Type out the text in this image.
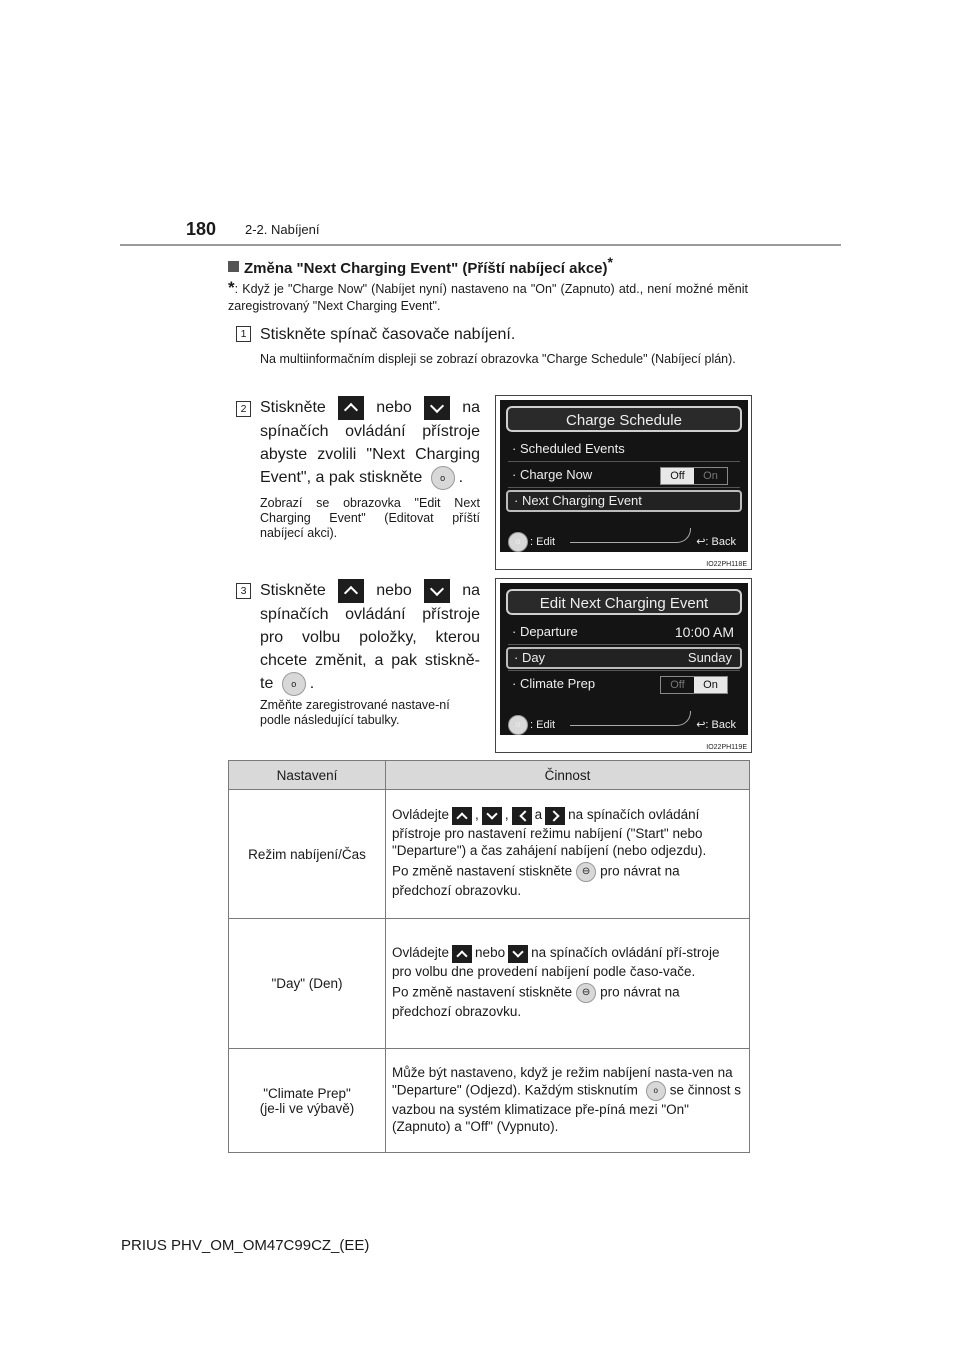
180 2-2. Nabíjení
Změna "Next Charging Event" (Příští nabíjecí akce)*
*: Když je "Charge Now" (Nabíjet nyní) nastaveno na "On" (Zapnuto) atd., není možné měnit zaregistrovaný "Next Charging Event".
1 Stiskněte spínač časovače nabíjení.
Na multiinformačním displeji se zobrazí obrazovka "Charge Schedule" (Nabíjecí plán).
2 Stiskněte	nebo	na spínačích ovládání přístroje abyste zvolili "Next Charging Event", a pak stiskněte o .
Zobrazí se obrazovka "Edit Next Charging Event" (Editovat příští nabíjecí akci).
Charge Schedule
· Scheduled Events
· Charge Now	Off	On
· Next Charging Event
o : Edit	↩: Back
IO22PH118E
3 Stiskněte	nebo	na spínačích ovládání přístroje pro volbu položky, kterou chcete změnit, a pak stiskně- te o .
Změňte zaregistrované nastave-ní podle následující tabulky.
Edit Next Charging Event
· Departure	10:00 AM
· Day	Sunday
· Climate Prep	Off	On
o : Edit	↩: Back
IO22PH119E
Nastavení	Činnost
Režim nabíjení/Čas	Ovládejte , , a na spínačích ovládání přístroje pro nastavení režimu nabíjení ("Start" nebo "Departure") a čas zahájení nabíjení (nebo odjezdu).

Po změně nastavení stiskněte ⊖ pro návrat na předchozí obrazovku.

"Day" (Den)	Ovládejte nebo na spínačích ovládání pří-stroje pro volbu dne provedení nabíjení podle časo-vače.

Po změně nastavení stiskněte ⊖ pro návrat na předchozí obrazovku.

"Climate Prep"
(je-li ve výbavě)	Může být nastaveno, když je režim nabíjení nasta-ven na "Departure" (Odjezd). Každým stisknutím o se činnost s vazbou na systém klimatizace pře-píná mezi "On" (Zapnuto) a "Off" (Vypnuto).

PRIUS PHV_OM_OM47C99CZ_(EE)
